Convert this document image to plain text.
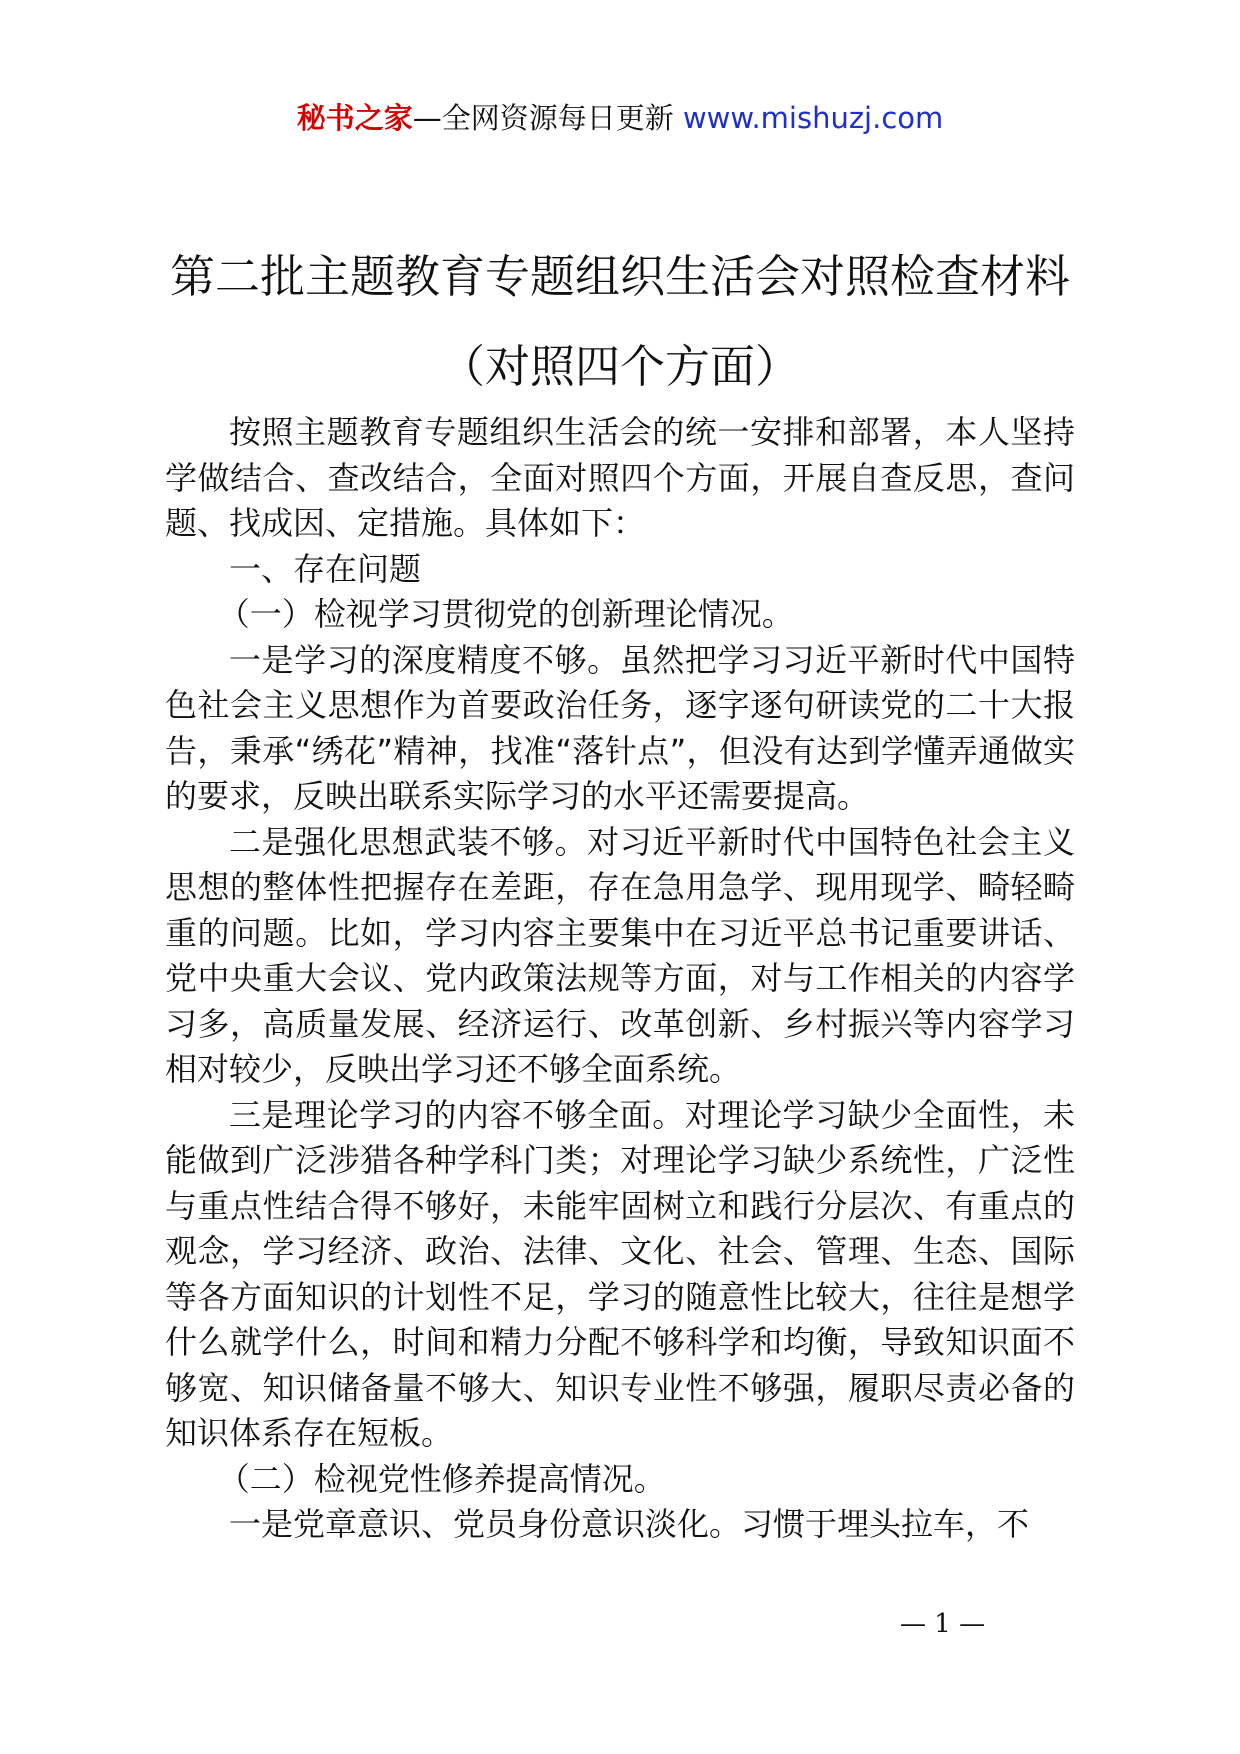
秘书之家—全网资源每日更新 www.mishuzj.com
第二批主题教育专题组织生活会对照检查材料（对照四个方面）

按照主题教育专题组织生活会的统一安排和部署，本人坚持学做结合、查改结合，全面对照四个方面，开展自查反思，查问题、找成因、定措施。具体如下：

一、存在问题

（一）检视学习贯彻党的创新理论情况。

一是学习的深度精度不够。虽然把学习习近平新时代中国特色社会主义思想作为首要政治任务，逐字逐句研读党的二十大报告，秉承“绣花”精神，找准“落针点”，但没有达到学懂弄通做实的要求，反映出联系实际学习的水平还需要提高。

二是强化思想武装不够。对习近平新时代中国特色社会主义思想的整体性把握存在差距，存在急用急学、现用现学、畸轻畸重的问题。比如，学习内容主要集中在习近平总书记重要讲话、党中央重大会议、党内政策法规等方面，对与工作相关的内容学习多，高质量发展、经济运行、改革创新、乡村振兴等内容学习相对较少，反映出学习还不够全面系统。

三是理论学习的内容不够全面。对理论学习缺少全面性，未能做到广泛涉猎各种学科门类；对理论学习缺少系统性，广泛性与重点性结合得不够好，未能牢固树立和践行分层次、有重点的观念，学习经济、政治、法律、文化、社会、管理、生态、国际等各方面知识的计划性不足，学习的随意性比较大，往往是想学什么就学什么，时间和精力分配不够科学和均衡，导致知识面不够宽、知识储备量不够大、知识专业性不够强，履职尽责必备的知识体系存在短板。

（二）检视党性修养提高情况。

一是党章意识、党员身份意识淡化。习惯于埋头拉车，不

— 1 —
